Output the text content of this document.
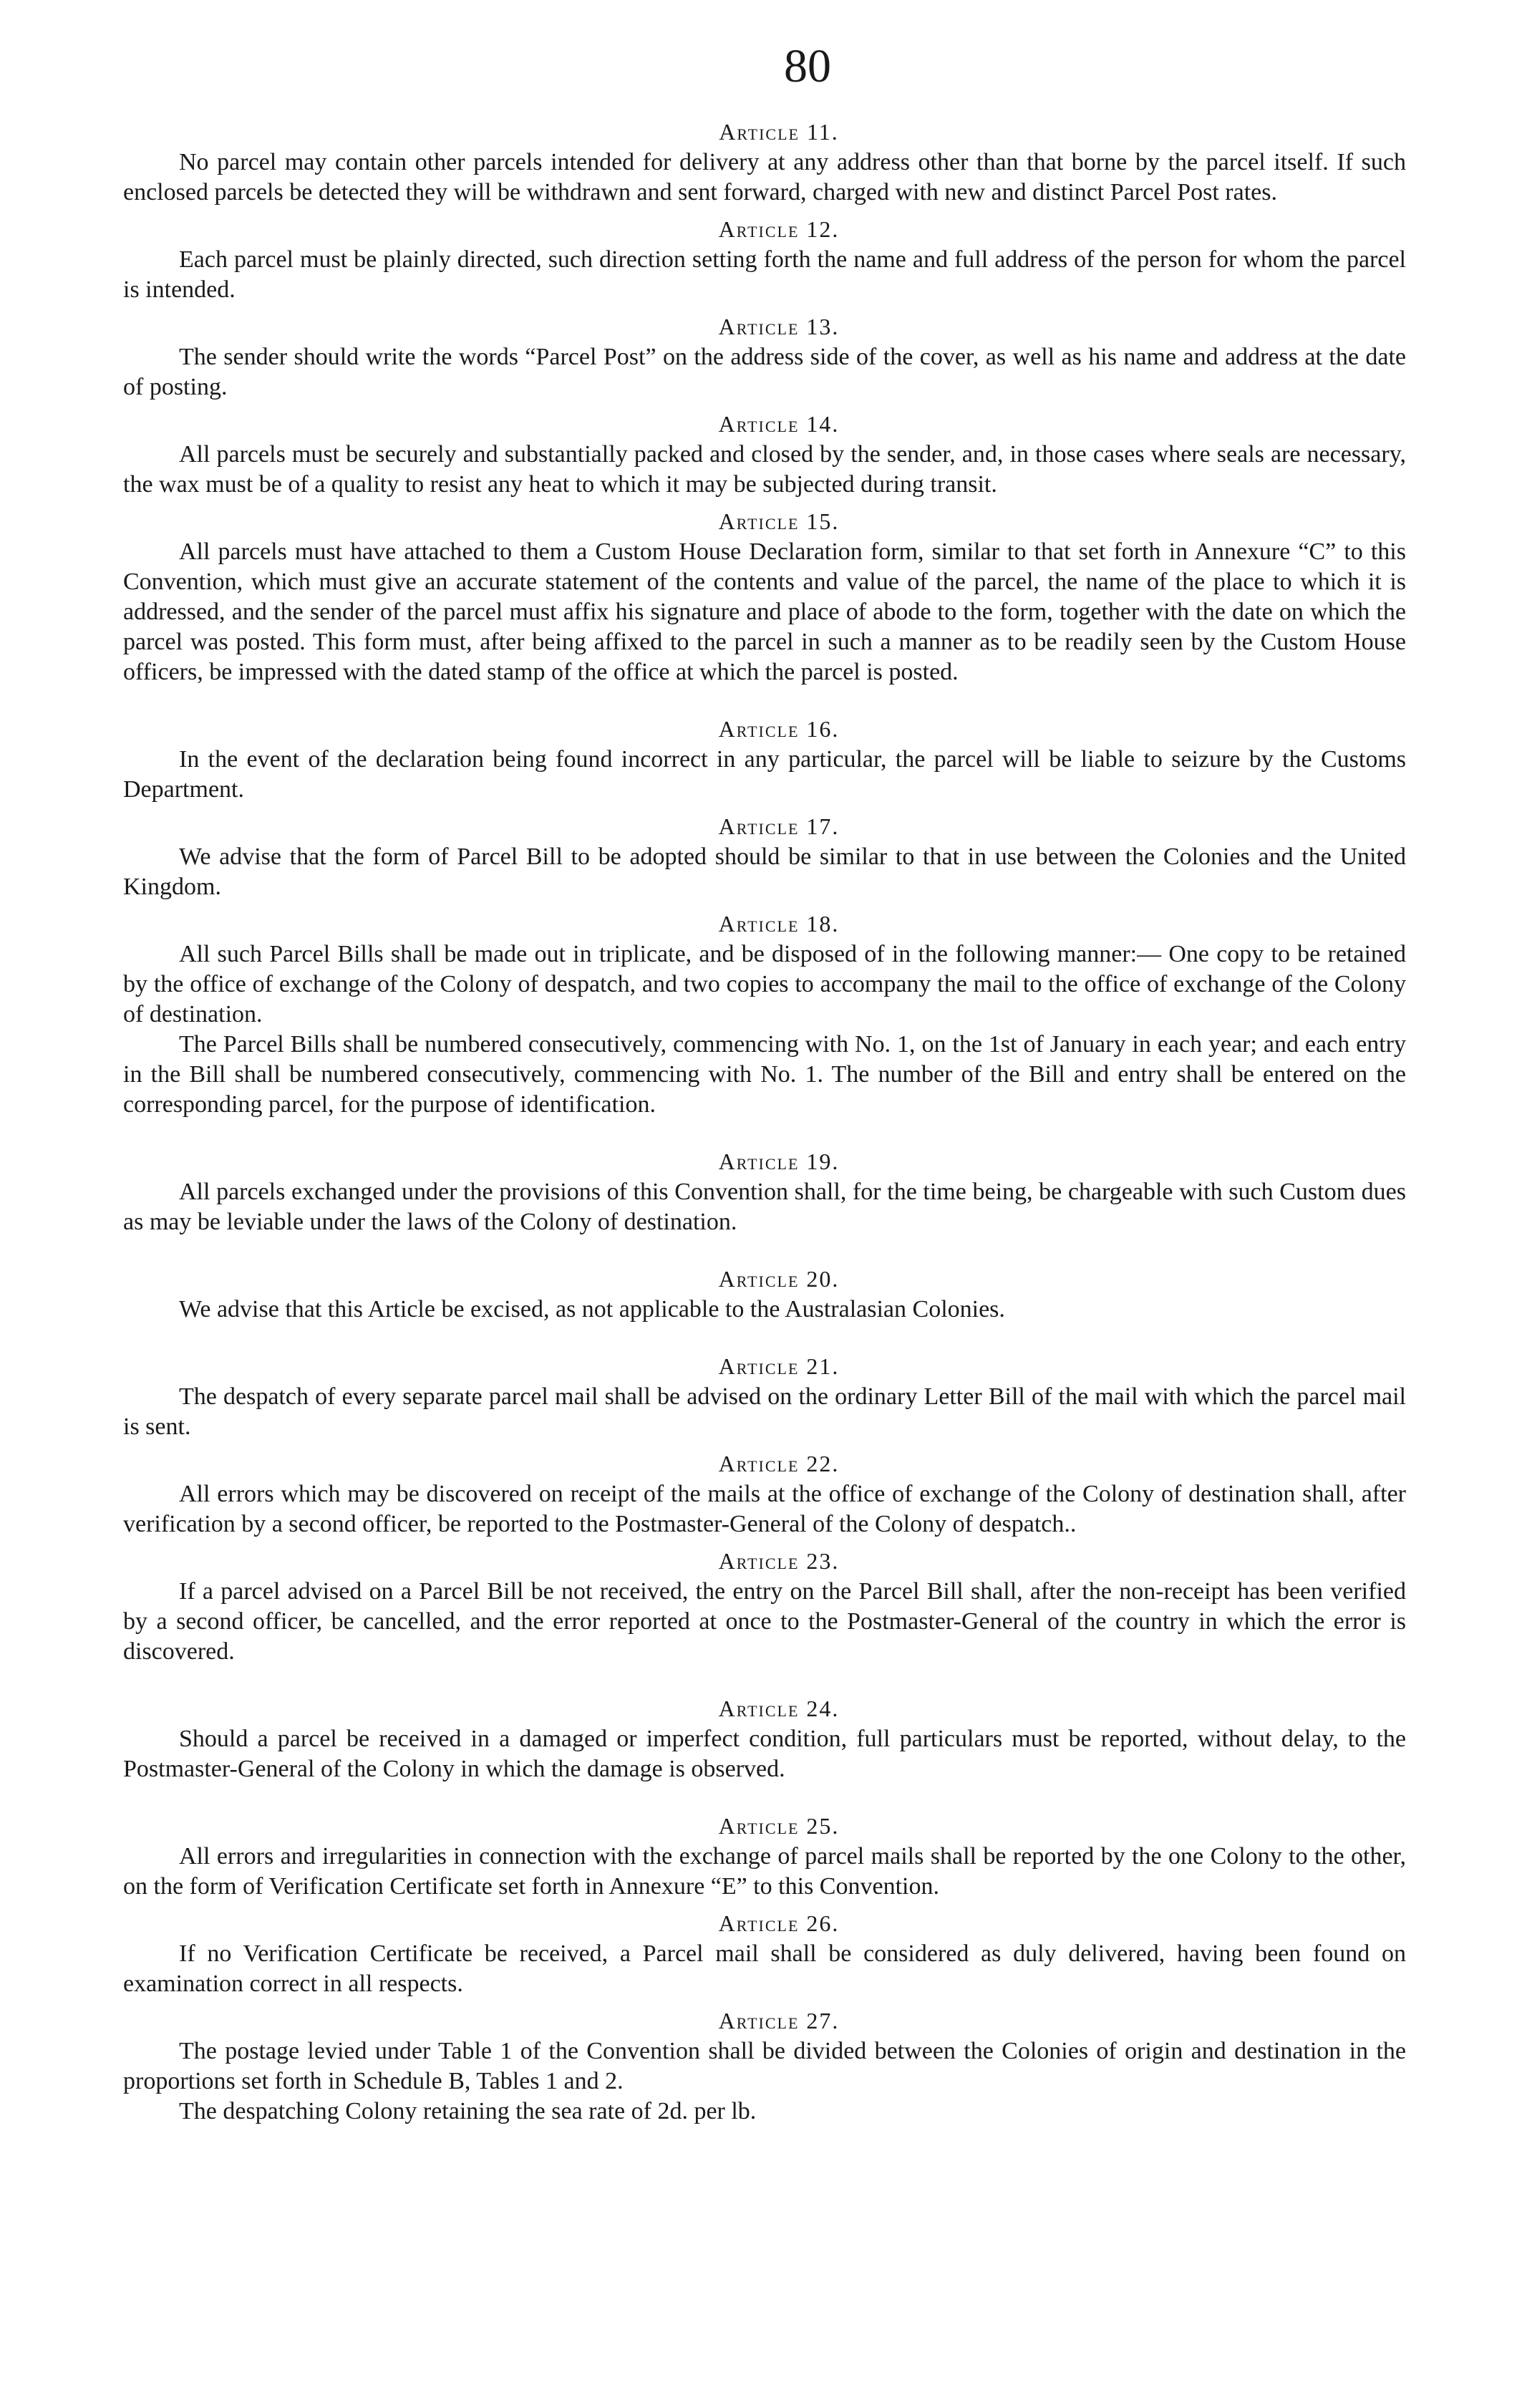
80
Article 11.

No parcel may contain other parcels intended for delivery at any address other than that borne by the parcel itself. If such enclosed parcels be detected they will be withdrawn and sent forward, charged with new and distinct Parcel Post rates.

Article 12.

Each parcel must be plainly directed, such direction setting forth the name and full address of the person for whom the parcel is intended.

Article 13.

The sender should write the words “Parcel Post” on the address side of the cover, as well as his name and address at the date of posting.

Article 14.

All parcels must be securely and substantially packed and closed by the sender, and, in those cases where seals are necessary, the wax must be of a quality to resist any heat to which it may be subjected during transit.

Article 15.

All parcels must have attached to them a Custom House Declaration form, similar to that set forth in Annexure “C” to this Convention, which must give an accurate statement of the contents and value of the parcel, the name of the place to which it is addressed, and the sender of the parcel must affix his signature and place of abode to the form, together with the date on which the parcel was posted. This form must, after being affixed to the parcel in such a manner as to be readily seen by the Custom House officers, be impressed with the dated stamp of the office at which the parcel is posted.

Article 16.

In the event of the declaration being found incorrect in any particular, the parcel will be liable to seizure by the Customs Department.

Article 17.

We advise that the form of Parcel Bill to be adopted should be similar to that in use between the Colonies and the United Kingdom.

Article 18.

All such Parcel Bills shall be made out in triplicate, and be disposed of in the following manner:— One copy to be retained by the office of exchange of the Colony of despatch, and two copies to accompany the mail to the office of exchange of the Colony of destination.

The Parcel Bills shall be numbered consecutively, commencing with No. 1, on the 1st of January in each year; and each entry in the Bill shall be numbered consecutively, commencing with No. 1. The number of the Bill and entry shall be entered on the corresponding parcel, for the purpose of identification.

Article 19.

All parcels exchanged under the provisions of this Convention shall, for the time being, be chargeable with such Custom dues as may be leviable under the laws of the Colony of destination.

Article 20.

We advise that this Article be excised, as not applicable to the Australasian Colonies.

Article 21.

The despatch of every separate parcel mail shall be advised on the ordinary Letter Bill of the mail with which the parcel mail is sent.

Article 22.

All errors which may be discovered on receipt of the mails at the office of exchange of the Colony of destination shall, after verification by a second officer, be reported to the Postmaster-General of the Colony of despatch..

Article 23.

If a parcel advised on a Parcel Bill be not received, the entry on the Parcel Bill shall, after the non-receipt has been verified by a second officer, be cancelled, and the error reported at once to the Postmaster-General of the country in which the error is discovered.

Article 24.

Should a parcel be received in a damaged or imperfect condition, full particulars must be reported, without delay, to the Postmaster-General of the Colony in which the damage is observed.

Article 25.

All errors and irregularities in connection with the exchange of parcel mails shall be reported by the one Colony to the other, on the form of Verification Certificate set forth in Annexure “E” to this Convention.

Article 26.

If no Verification Certificate be received, a Parcel mail shall be considered as duly delivered, having been found on examination correct in all respects.

Article 27.

The postage levied under Table 1 of the Convention shall be divided between the Colonies of origin and destination in the proportions set forth in Schedule B, Tables 1 and 2.

The despatching Colony retaining the sea rate of 2d. per lb.
